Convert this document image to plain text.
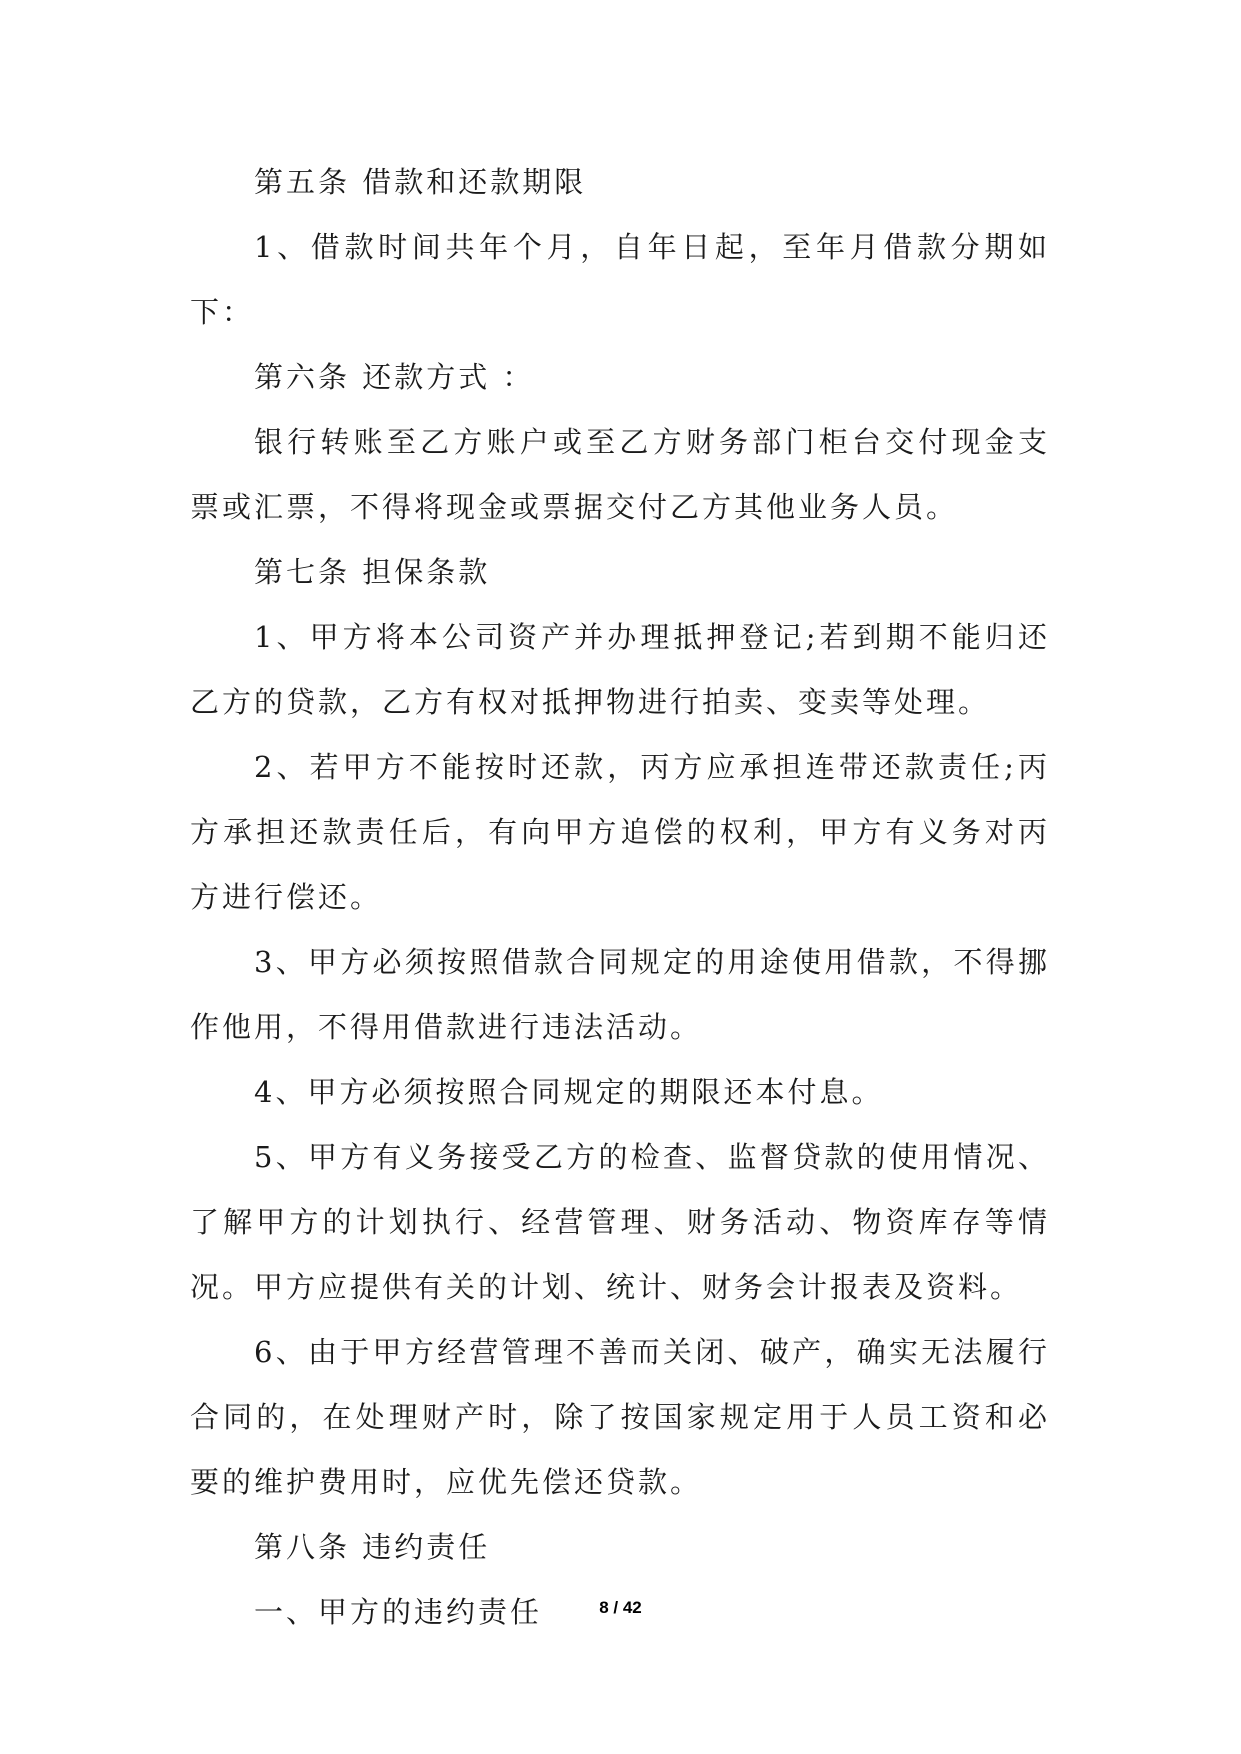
第五条 借款和还款期限

1、借款时间共年个月，自年日起，至年月借款分期如下：

第六条 还款方式 ：

银行转账至乙方账户或至乙方财务部门柜台交付现金支票或汇票，不得将现金或票据交付乙方其他业务人员。

第七条 担保条款

1、甲方将本公司资产并办理抵押登记;若到期不能归还乙方的贷款，乙方有权对抵押物进行拍卖、变卖等处理。

2、若甲方不能按时还款，丙方应承担连带还款责任;丙方承担还款责任后，有向甲方追偿的权利，甲方有义务对丙方进行偿还。

3、甲方必须按照借款合同规定的用途使用借款，不得挪作他用，不得用借款进行违法活动。

4、甲方必须按照合同规定的期限还本付息。

5、甲方有义务接受乙方的检查、监督贷款的使用情况、了解甲方的计划执行、经营管理、财务活动、物资库存等情况。甲方应提供有关的计划、统计、财务会计报表及资料。

6、由于甲方经营管理不善而关闭、破产，确实无法履行合同的，在处理财产时，除了按国家规定用于人员工资和必要的维护费用时，应优先偿还贷款。

第八条 违约责任

一、甲方的违约责任	8 / 42
